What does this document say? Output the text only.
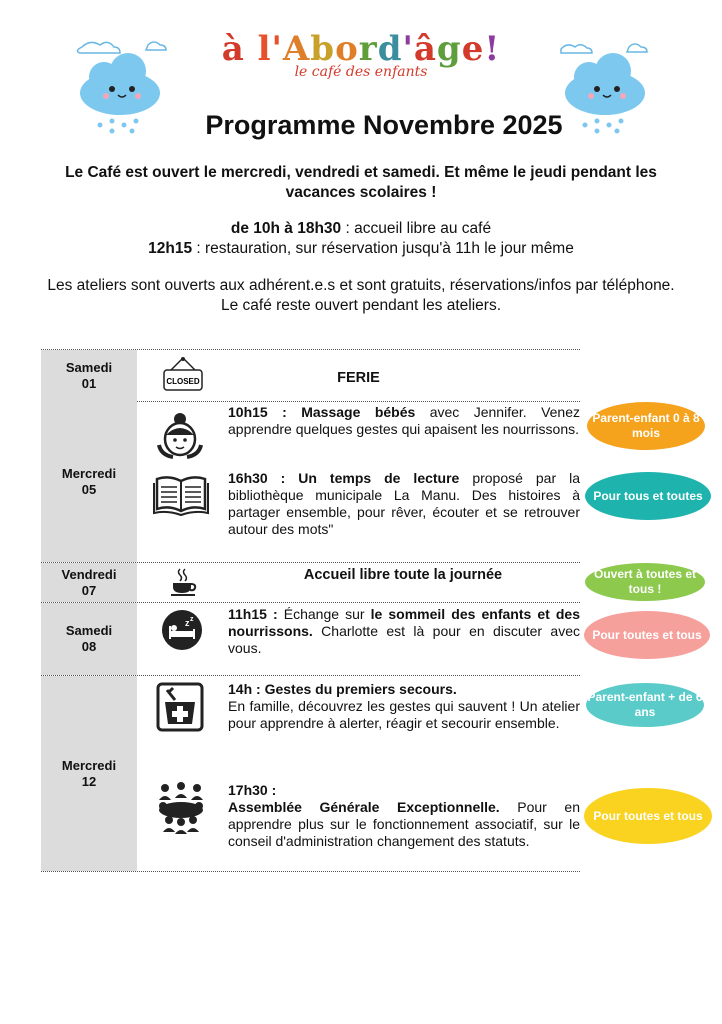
à l'Abord'âge!
le café des enfants
Programme Novembre 2025
Le Café est ouvert le mercredi, vendredi et samedi. Et même le jeudi pendant les vacances scolaires !
de 10h à 18h30 : accueil libre au café
12h15 : restauration, sur réservation jusqu'à 11h le jour même
Les ateliers sont ouverts aux adhérent.e.s et sont gratuits, réservations/infos par téléphone. Le café reste ouvert pendant les ateliers.
Samedi
01	CLOSED	FERIE
Mercredi
05
10h15 : Massage bébés avec Jennifer. Venez apprendre quelques gestes qui apaisent les nourrissons.
16h30 : Un temps de lecture proposé par la bibliothèque municipale La Manu. Des histoires à partager ensemble, pour rêver, écouter et se retrouver autour des mots"
Vendredi
07
Accueil libre toute la journée
Samedi
08
z z 11h15 : Échange sur le sommeil des enfants et des nourrissons. Charlotte est là pour en discuter avec vous.
Mercredi
12
14h : Gestes du premiers secours.
En famille, découvrez les gestes qui sauvent ! Un atelier pour apprendre à alerter, réagir et secourir ensemble.
17h30 :
Assemblée Générale Exceptionnelle. Pour en apprendre plus sur le fonctionnement associatif, sur le conseil d'administration changement des statuts.
Parent-enfant 0 à 8 mois
Pour tous et toutes
Ouvert à toutes et tous !
Pour toutes et tous
Parent-enfant + de 6 ans
Pour toutes et tous
